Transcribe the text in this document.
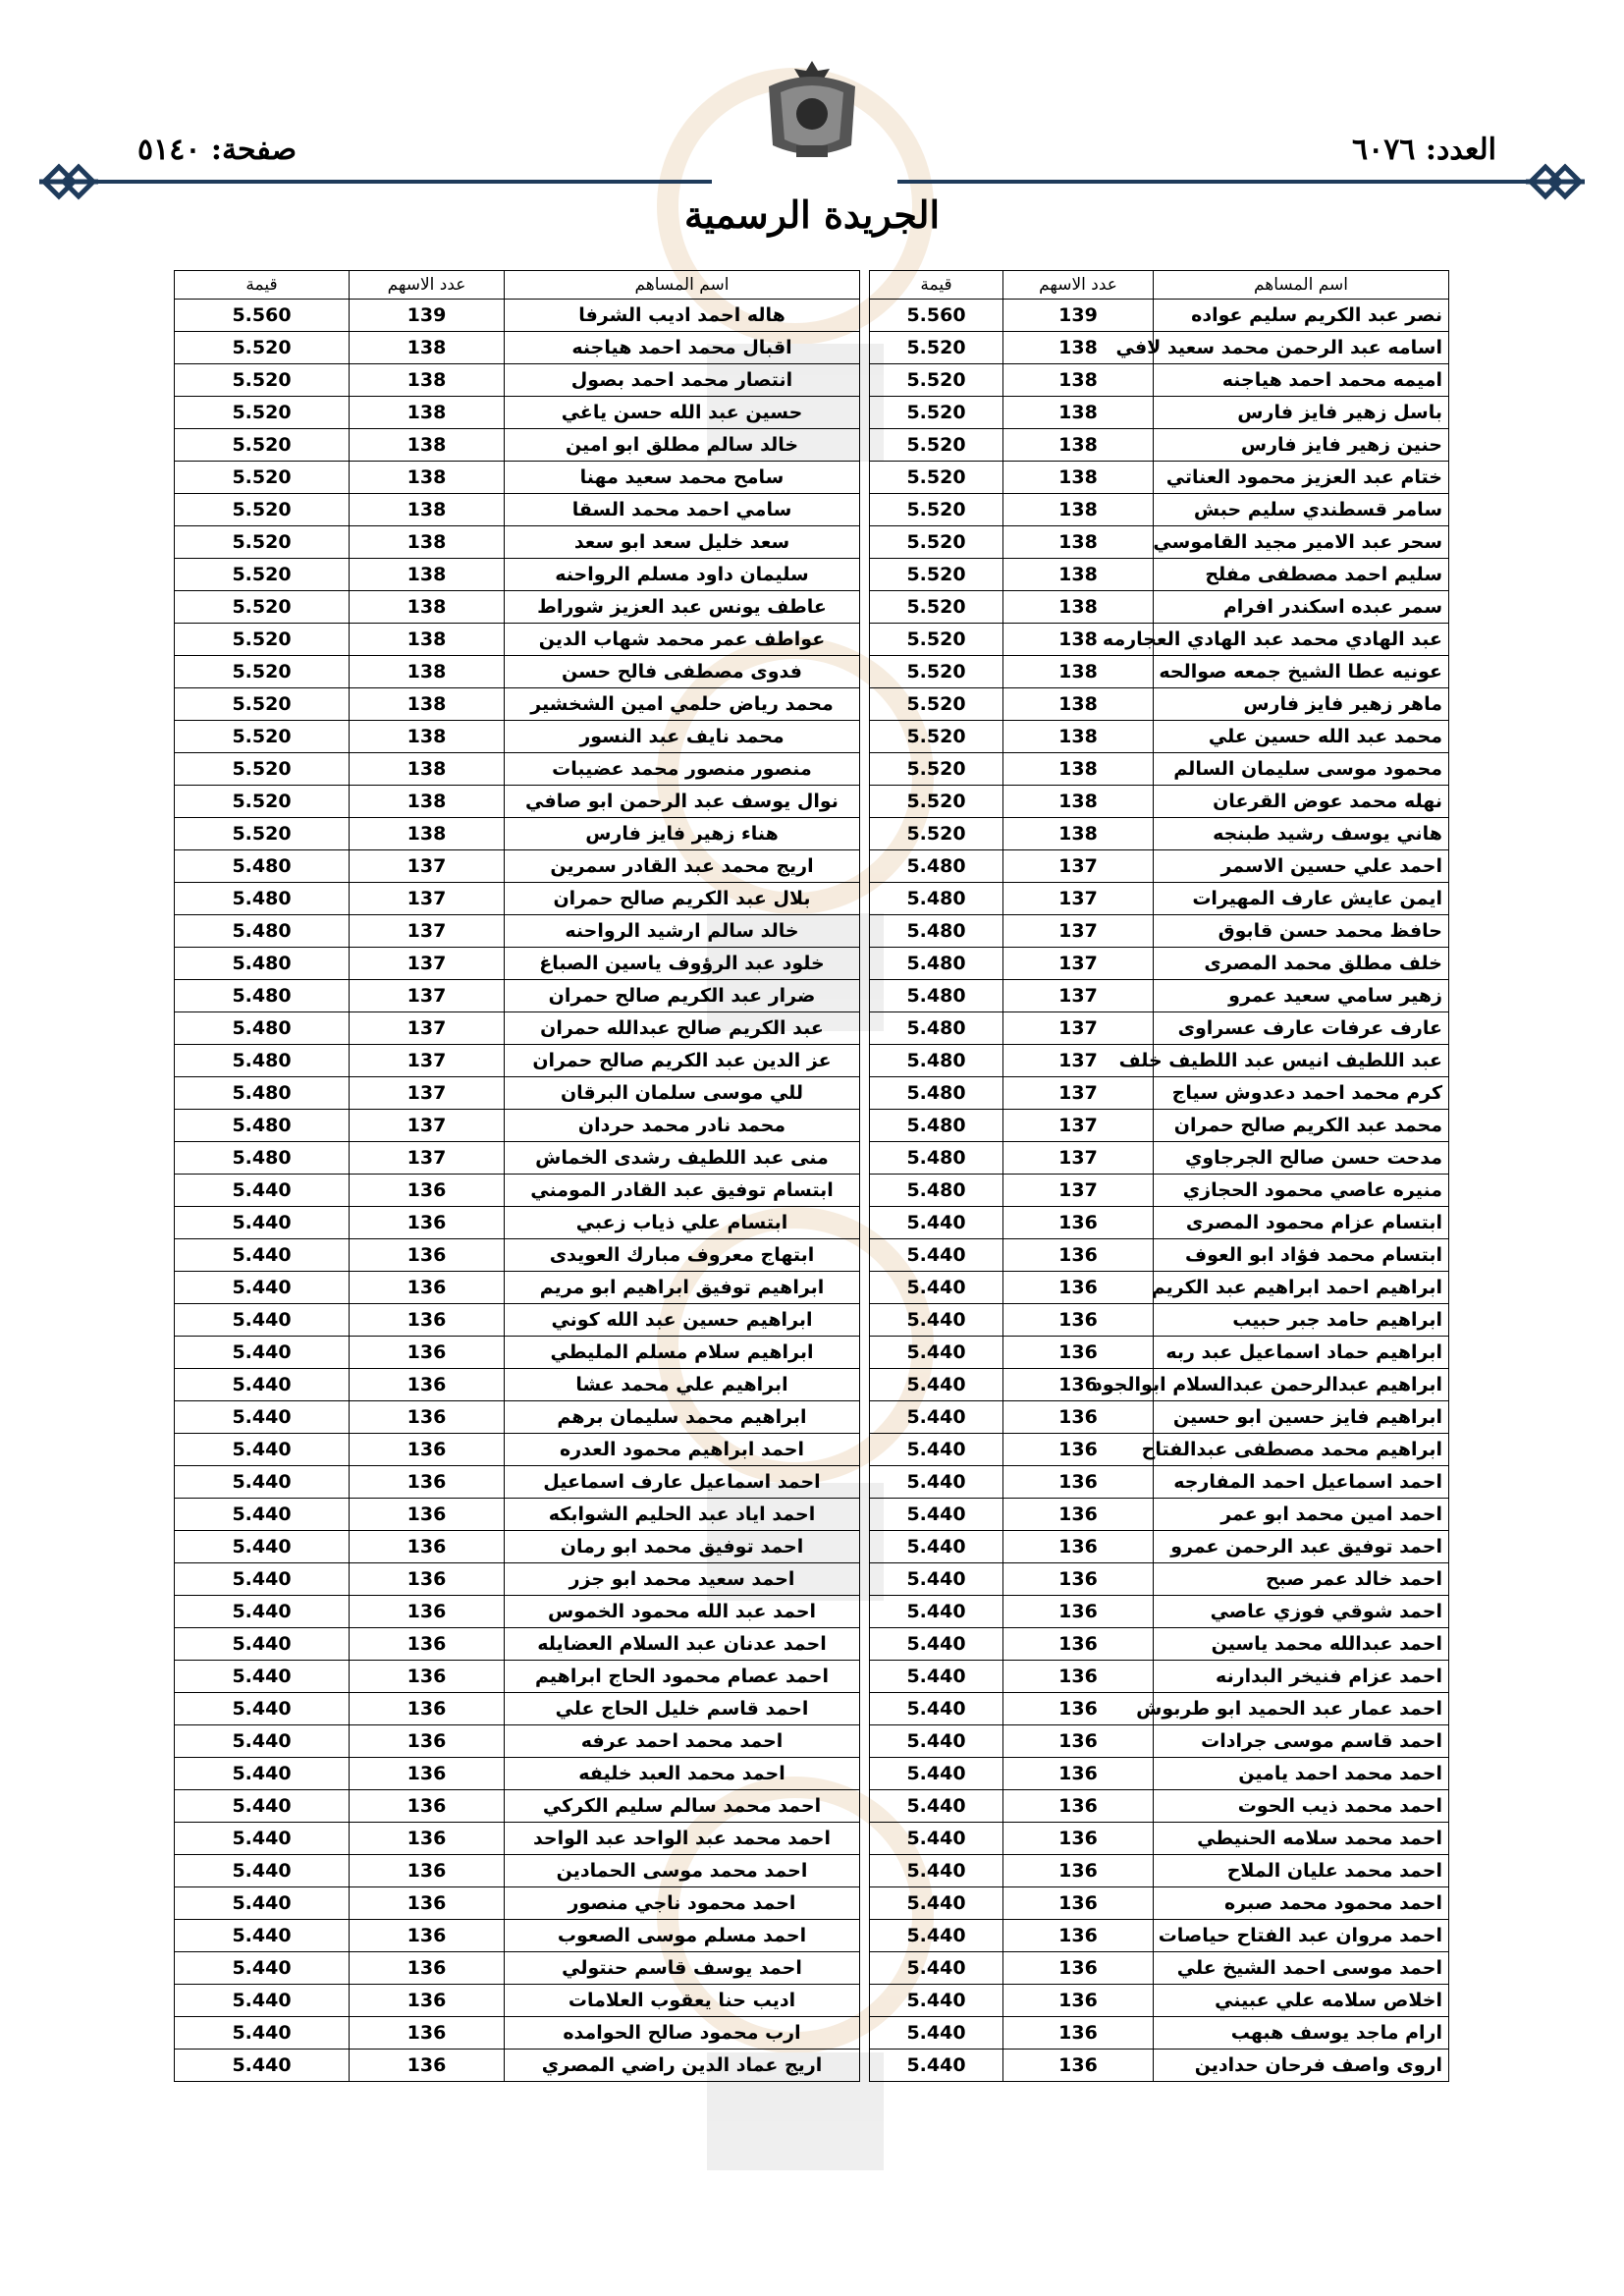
العدد: ٦٠٧٦
صفحة: ٥١٤٠
الجريدة الرسمية
اسم المساهم	عدد الاسهم	قيمة		اسم المساهم	عدد الاسهم	قيمة
نصر عبد الكريم سليم عواده	139	5.560		هاله احمد اديب الشرفا	139	5.560
اسامه عبد الرحمن محمد سعيد لافي	138	5.520		اقبال محمد احمد هياجنه	138	5.520
اميمه محمد احمد هياجنه	138	5.520		انتصار محمد احمد بصول	138	5.520
باسل زهير فايز فارس	138	5.520		حسين عبد الله حسن ياغي	138	5.520
حنين زهير فايز فارس	138	5.520		خالد سالم مطلق ابو امين	138	5.520
ختام عبد العزيز محمود العناتي	138	5.520		سامح محمد سعيد مهنا	138	5.520
سامر قسطندي سليم حبش	138	5.520		سامي احمد محمد السقا	138	5.520
سحر عبد الامير مجيد القاموسي	138	5.520		سعد خليل سعد ابو سعد	138	5.520
سليم احمد مصطفى مفلح	138	5.520		سليمان داود مسلم الرواحنه	138	5.520
سمر عبده اسكندر افرام	138	5.520		عاطف يونس عبد العزيز شوراط	138	5.520
عبد الهادي محمد عبد الهادي العجارمه	138	5.520		عواطف عمر محمد شهاب الدين	138	5.520
عونيه عطا الشيخ جمعه صوالحه	138	5.520		فدوى مصطفى فالح حسن	138	5.520
ماهر زهير فايز فارس	138	5.520		محمد رياض حلمي امين الشخشير	138	5.520
محمد عبد الله حسين علي	138	5.520		محمد نايف عبد النسور	138	5.520
محمود موسى سليمان السالم	138	5.520		منصور منصور محمد عضيبات	138	5.520
نهله محمد عوض القرعان	138	5.520		نوال يوسف عبد الرحمن ابو صافي	138	5.520
هاني يوسف رشيد طبنجه	138	5.520		هناء زهير فايز فارس	138	5.520
احمد علي حسين الاسمر	137	5.480		اريج محمد عبد القادر سمرين	137	5.480
ايمن عايش عارف المهيرات	137	5.480		بلال عبد الكريم صالح حمران	137	5.480
حافظ محمد حسن قابوق	137	5.480		خالد سالم ارشيد الرواحنه	137	5.480
خلف مطلق محمد المصرى	137	5.480		خلود عبد الرؤوف ياسين الصباغ	137	5.480
زهير سامي سعيد عمرو	137	5.480		ضرار عبد الكريم صالح حمران	137	5.480
عارف عرفات عارف عسراوى	137	5.480		عبد الكريم صالح عبدالله حمران	137	5.480
عبد اللطيف انيس عبد اللطيف خلف	137	5.480		عز الدين عبد الكريم صالح حمران	137	5.480
كرم محمد احمد دعدوش سياج	137	5.480		للي موسى سلمان البرقان	137	5.480
محمد عبد الكريم صالح حمران	137	5.480		محمد نادر محمد حردان	137	5.480
مدحت حسن صالح الجرجاوي	137	5.480		منى عبد اللطيف رشدى الخماش	137	5.480
منيره عاصي محمود الحجازي	137	5.480		ابتسام توفيق عبد القادر المومني	136	5.440
ابتسام عزام محمود المصرى	136	5.440		ابتسام علي ذياب زعبي	136	5.440
ابتسام محمد فؤاد ابو العوف	136	5.440		ابتهاج معروف مبارك العويدى	136	5.440
ابراهيم احمد ابراهيم عبد الكريم	136	5.440		ابراهيم توفيق ابراهيم ابو مريم	136	5.440
ابراهيم حامد جبر حبيب	136	5.440		ابراهيم حسين عبد الله كوني	136	5.440
ابراهيم حماد اسماعيل عبد ربه	136	5.440		ابراهيم سلام مسلم المليطي	136	5.440
ابراهيم عبدالرحمن عبدالسلام ابوالجود	136	5.440		ابراهيم علي محمد عشا	136	5.440
ابراهيم فايز حسين ابو حسين	136	5.440		ابراهيم محمد سليمان برهم	136	5.440
ابراهيم محمد مصطفى عبدالفتاح	136	5.440		احمد ابراهيم محمود العدره	136	5.440
احمد اسماعيل احمد المفارجه	136	5.440		احمد اسماعيل عارف اسماعيل	136	5.440
احمد امين محمد ابو عمر	136	5.440		احمد اياد عبد الحليم الشوابكه	136	5.440
احمد توفيق عبد الرحمن عمرو	136	5.440		احمد توفيق محمد ابو رمان	136	5.440
احمد خالد عمر صبح	136	5.440		احمد سعيد محمد ابو جزر	136	5.440
احمد شوقي فوزي عاصي	136	5.440		احمد عبد الله محمود الخموس	136	5.440
احمد عبدالله محمد ياسين	136	5.440		احمد عدنان عبد السلام العضايله	136	5.440
احمد عزام فنيخر البدارنه	136	5.440		احمد عصام محمود الحاج ابراهيم	136	5.440
احمد عمار عبد الحميد ابو طربوش	136	5.440		احمد قاسم خليل الحاج علي	136	5.440
احمد قاسم موسى جرادات	136	5.440		احمد محمد احمد عرفه	136	5.440
احمد محمد احمد يامين	136	5.440		احمد محمد العبد خليفه	136	5.440
احمد محمد ذيب الحوت	136	5.440		احمد محمد سالم سليم الكركي	136	5.440
احمد محمد سلامه الحنيطي	136	5.440		احمد محمد عبد الواحد عبد الواحد	136	5.440
احمد محمد عليان الملاح	136	5.440		احمد محمد موسى الحمادين	136	5.440
احمد محمود محمد صبره	136	5.440		احمد محمود ناجي منصور	136	5.440
احمد مروان عبد الفتاح حياصات	136	5.440		احمد مسلم موسى الصعوب	136	5.440
احمد موسى احمد الشيخ علي	136	5.440		احمد يوسف قاسم حنتولي	136	5.440
اخلاص سلامه علي عبيني	136	5.440		اديب حنا يعقوب العلامات	136	5.440
ارام ماجد يوسف هبهب	136	5.440		ارب محمود صالح الحوامده	136	5.440
اروى واصف فرحان حدادين	136	5.440		اريج عماد الدين راضي المصري	136	5.440
